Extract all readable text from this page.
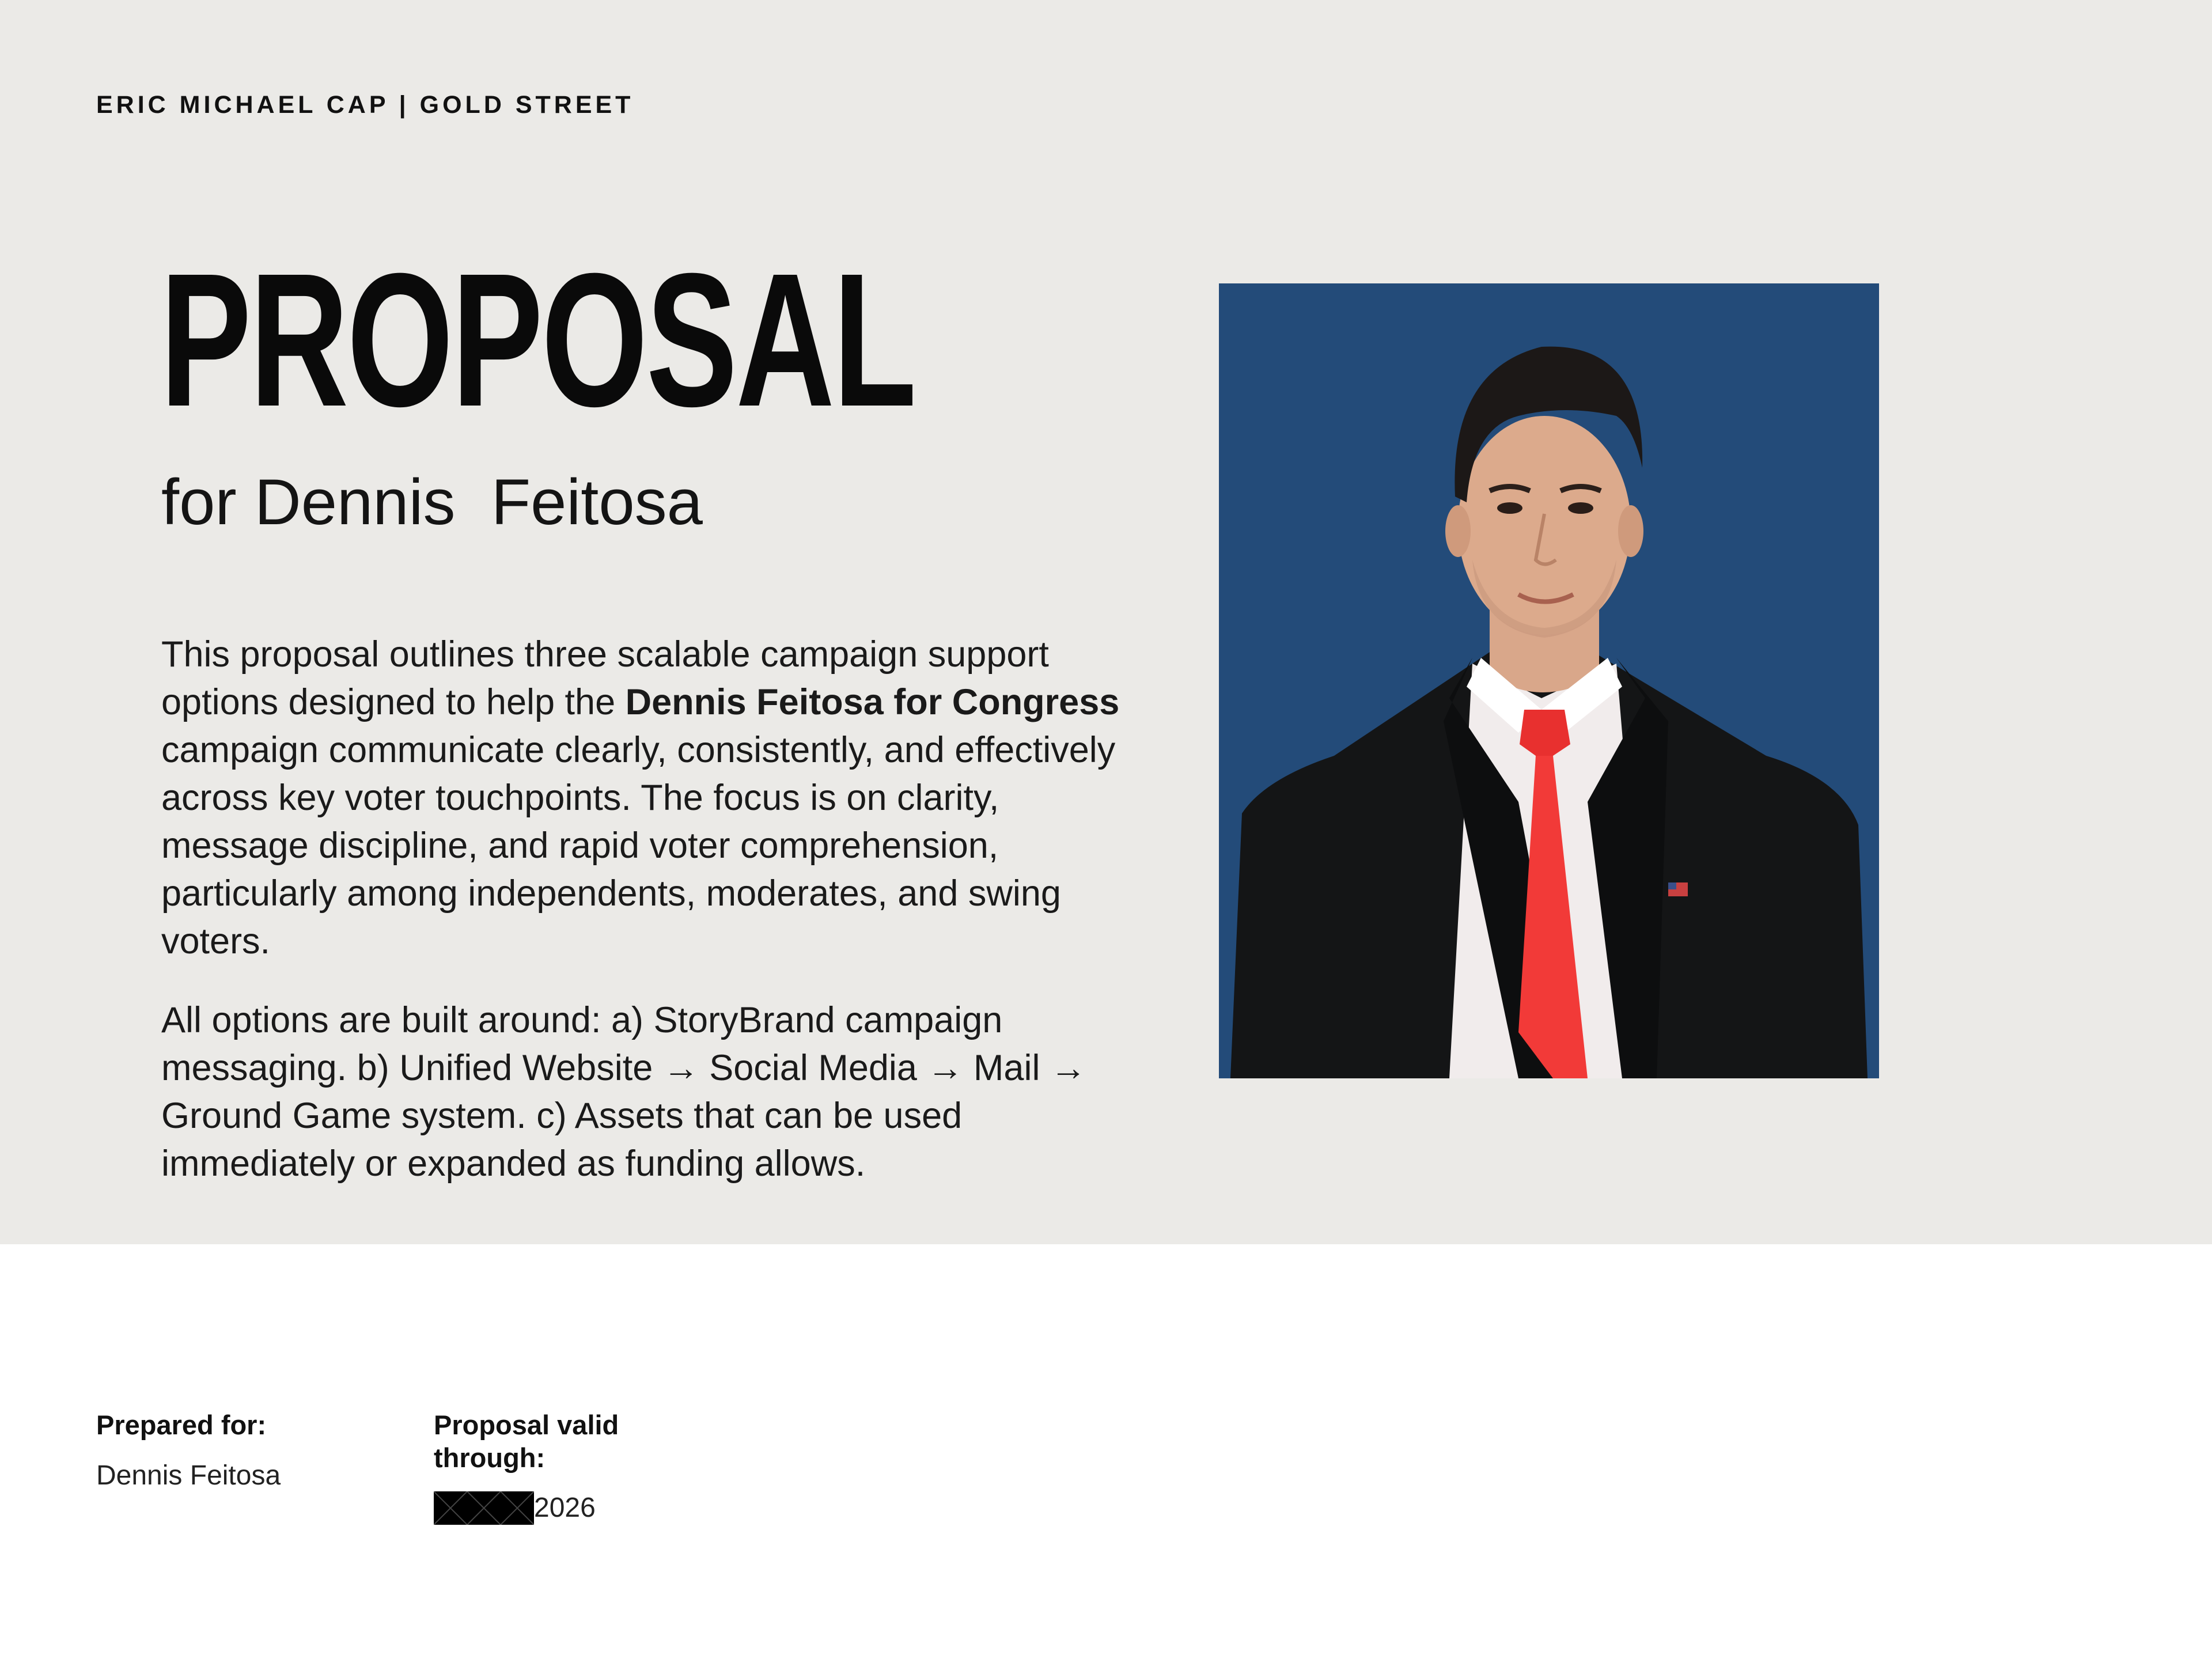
ERIC MICHAEL CAP | GOLD STREET
PROPOSAL
for Dennis  Feitosa

This proposal outlines three scalable campaign support options designed to help the Dennis Feitosa for Congress campaign communicate clearly, consistently, and effectively across key voter touchpoints. The focus is on clarity, message discipline, and rapid voter comprehension, particularly among independents, moderates, and swing voters.

All options are built around: a) StoryBrand campaign messaging. b) Unified Website → Social Media → Mail → Ground Game system. c) Assets that can be used immediately or expanded as funding allows.

Prepared for:
Dennis Feitosa
Proposal valid through:
2026
